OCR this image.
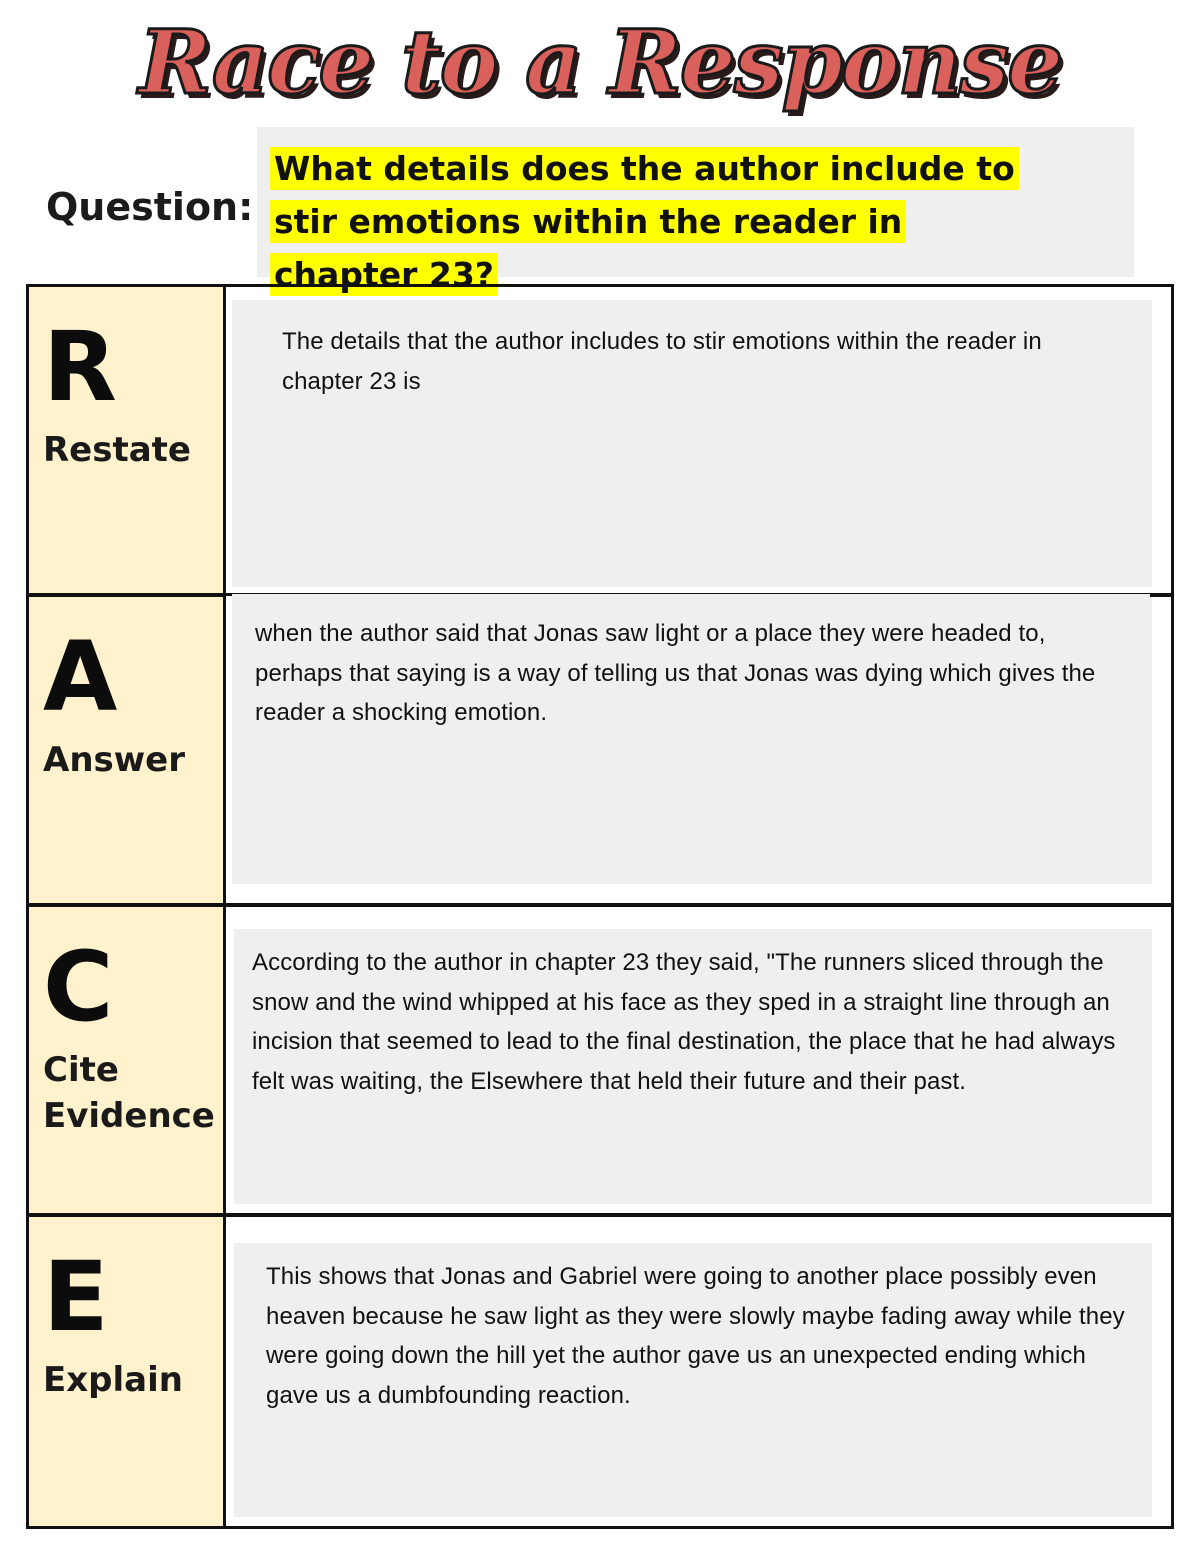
Race to a Response
Question:
What details does the author include to stir emotions within the reader in chapter 23?
R
Restate
The details that the author includes to stir emotions within the reader in chapter 23 is
A
Answer
when the author said that Jonas saw light or a place they were headed to, perhaps that saying is a way of telling us that Jonas was dying which gives the reader a shocking emotion.
C
Cite Evidence
According to the author in chapter 23 they said, "The runners sliced through the snow and the wind whipped at his face as they sped in a straight line through an incision that seemed to lead to the final destination, the place that he had always felt was waiting, the Elsewhere that held their future and their past.
E
Explain
This shows that Jonas and Gabriel were going to another place possibly even heaven because he saw light as they were slowly maybe fading away while they were going down the hill yet the author gave us an unexpected ending which gave us a dumbfounding reaction.
